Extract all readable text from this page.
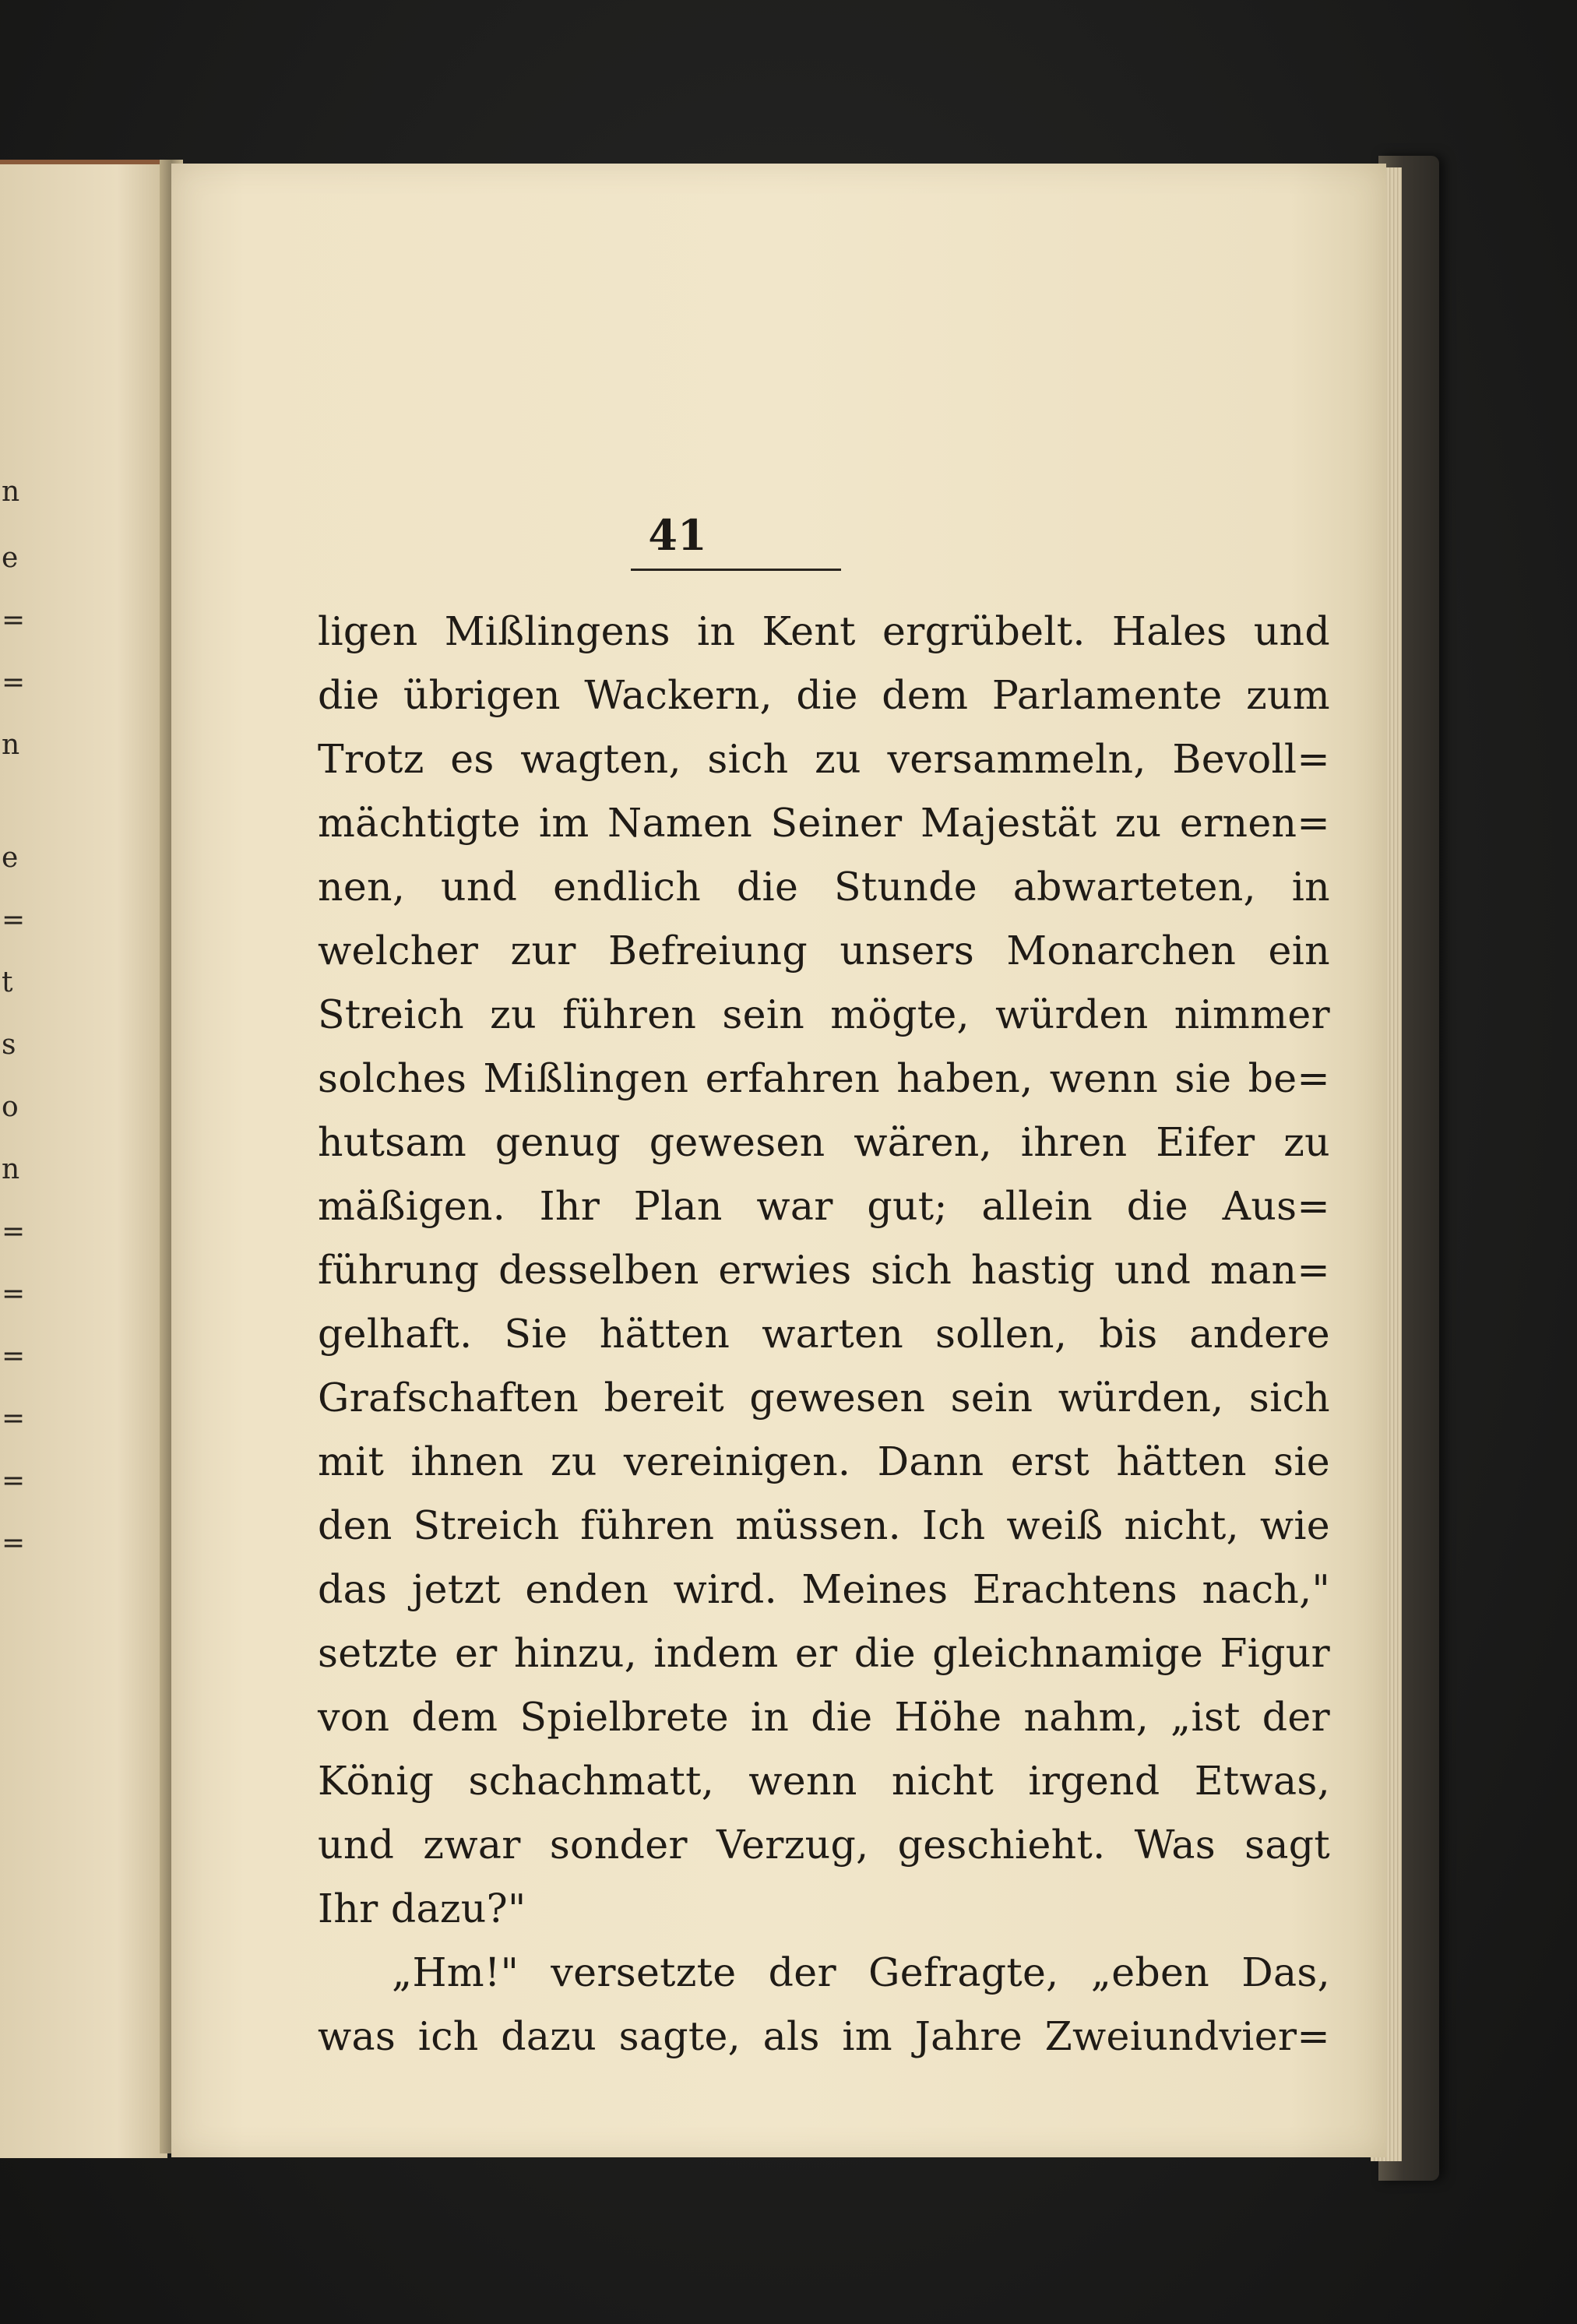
n
e
=
=
n
e
=
t
s
o
n
=
=
=
=
=
=
41
ligen Mißlingens in Kent ergrübelt. Hales und
die übrigen Wackern, die dem Parlamente zum
Trotz es wagten, sich zu versammeln, Bevoll=
mächtigte im Namen Seiner Majestät zu ernen=
nen, und endlich die Stunde abwarteten, in
welcher zur Befreiung unsers Monarchen ein
Streich zu führen sein mögte, würden nimmer
solches Mißlingen erfahren haben, wenn sie be=
hutsam genug gewesen wären, ihren Eifer zu
mäßigen. Ihr Plan war gut; allein die Aus=
führung desselben erwies sich hastig und man=
gelhaft. Sie hätten warten sollen, bis andere
Grafschaften bereit gewesen sein würden, sich
mit ihnen zu vereinigen. Dann erst hätten sie
den Streich führen müssen. Ich weiß nicht, wie
das jetzt enden wird. Meines Erachtens nach,"
setzte er hinzu, indem er die gleichnamige Figur
von dem Spielbrete in die Höhe nahm, „ist der
König schachmatt, wenn nicht irgend Etwas,
und zwar sonder Verzug, geschieht. Was sagt
Ihr dazu?"
„Hm!" versetzte der Gefragte, „eben Das,
was ich dazu sagte, als im Jahre Zweiundvier=
